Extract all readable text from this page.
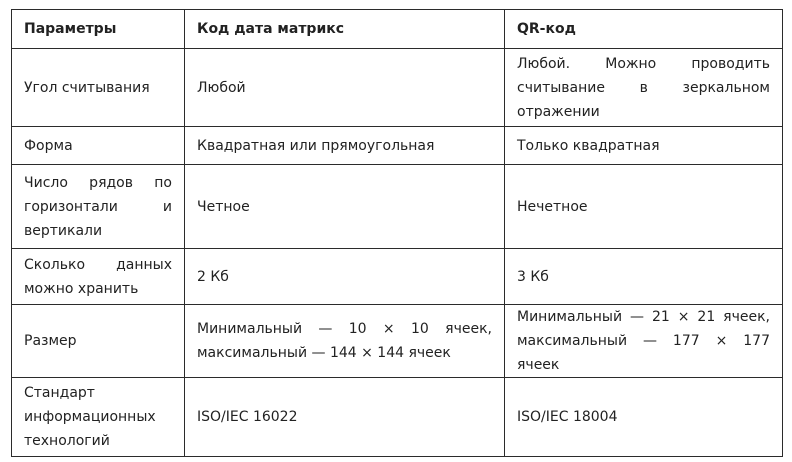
Параметры	Код дата матрикс	QR-код
Угол считывания	Любой	Любой. Можно проводить считывание в зеркальном отражении
Форма	Квадратная или прямоугольная	Только квадратная
Число рядов по горизонтали и вертикали	Четное	Нечетное
Сколько данных можно хранить	2 Кб	3 Кб
Размер	Минимальный — 10 × 10 ячеек, максимальный — 144 × 144 ячеек	Минимальный — 21 × 21 ячеек, максимальный — 177 × 177 ячеек
Стандарт информационных технологий	ISO/IEC 16022	ISO/IEC 18004
